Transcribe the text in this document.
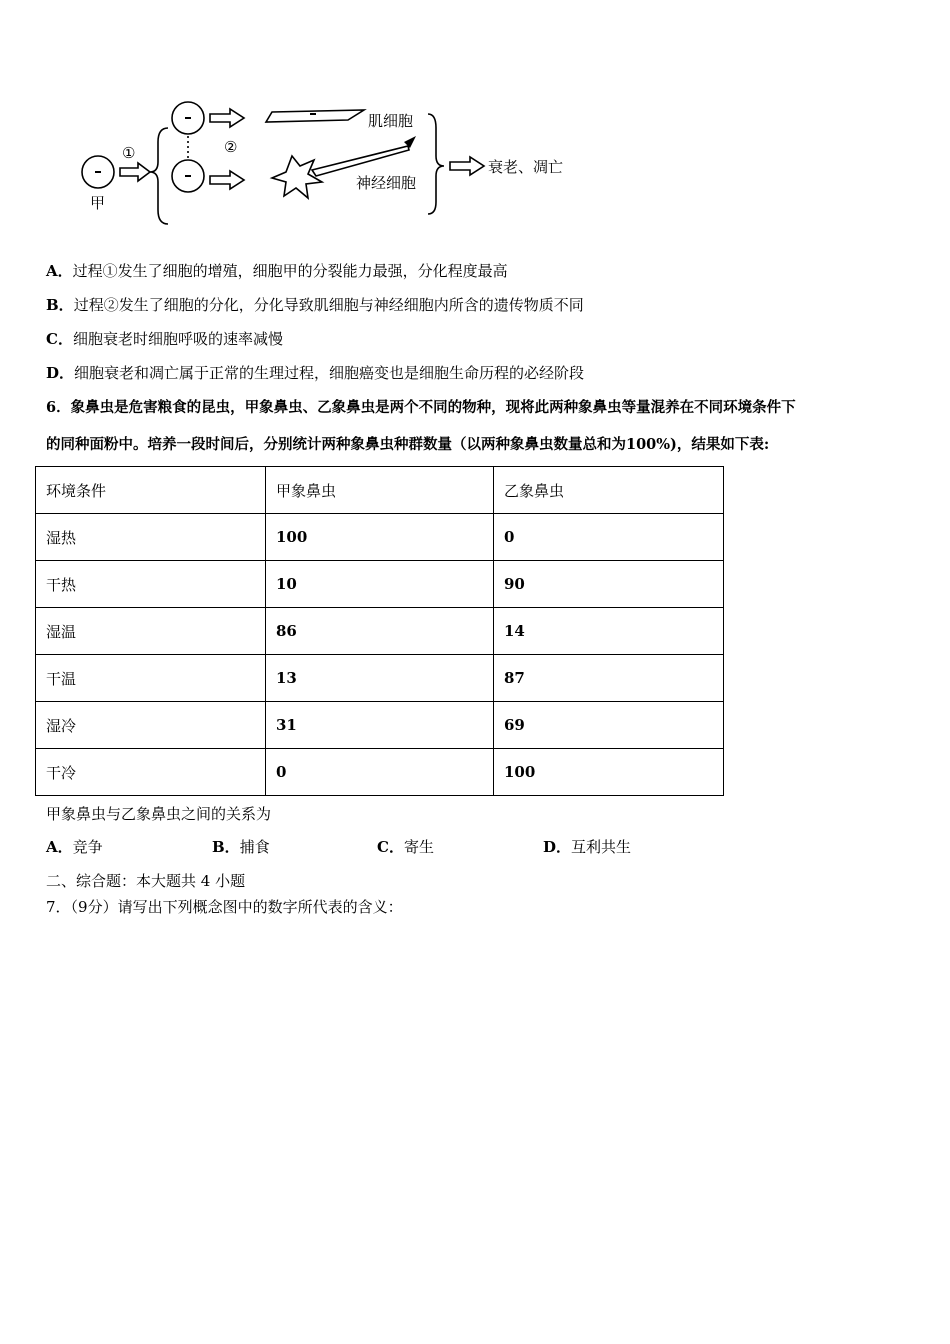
甲
①	②
肌细胞
神经细胞
衰老、凋亡
A．过程①发生了细胞的增殖，细胞甲的分裂能力最强，分化程度最高
B．过程②发生了细胞的分化，分化导致肌细胞与神经细胞内所含的遗传物质不同
C．细胞衰老时细胞呼吸的速率减慢
D．细胞衰老和凋亡属于正常的生理过程，细胞癌变也是细胞生命历程的必经阶段
6．象鼻虫是危害粮食的昆虫，甲象鼻虫、乙象鼻虫是两个不同的物种，现将此两种象鼻虫等量混养在不同环境条件下
的同种面粉中。培养一段时间后，分别统计两种象鼻虫种群数量（以两种象鼻虫数量总和为100%)，结果如下表:
环境条件	甲象鼻虫	乙象鼻虫
湿热	100	0
干热	10	90
湿温	86	14
干温	13	87
湿冷	31	69
干冷	0	100
甲象鼻虫与乙象鼻虫之间的关系为
A．竞争	B．捕食	C．寄生	D．互利共生
二、综合题：本大题共 4 小题
7．（9分）请写出下列概念图中的数字所代表的含义：
